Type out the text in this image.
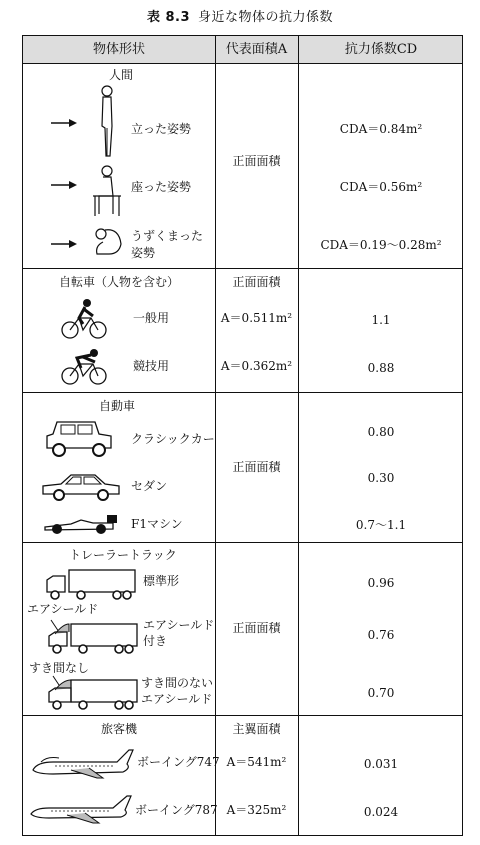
表 8.3 身近な物体の抗力係数
物体形状	代表面積A	抗力係数CD
人間
立った姿勢
座った姿勢
うずくまった
姿勢
正面面積
CDA＝0.84m²
CDA＝0.56m²
CDA＝0.19〜0.28m²
自転車（人物を含む）
一般用
競技用
正面面積
A＝0.511m²
A＝0.362m²
1.1
0.88
自動車
クラシックカー
セダン
F1マシン
正面面積
0.80
0.30
0.7〜1.1
トレーラートラック
標準形
エアシールド
エアシールド
付き
すき間なし
すき間のない
エアシールド
正面面積
0.96
0.76
0.70
旅客機
ボーイング747
ボーイング787
主翼面積
A＝541m²
A＝325m²
0.031
0.024
